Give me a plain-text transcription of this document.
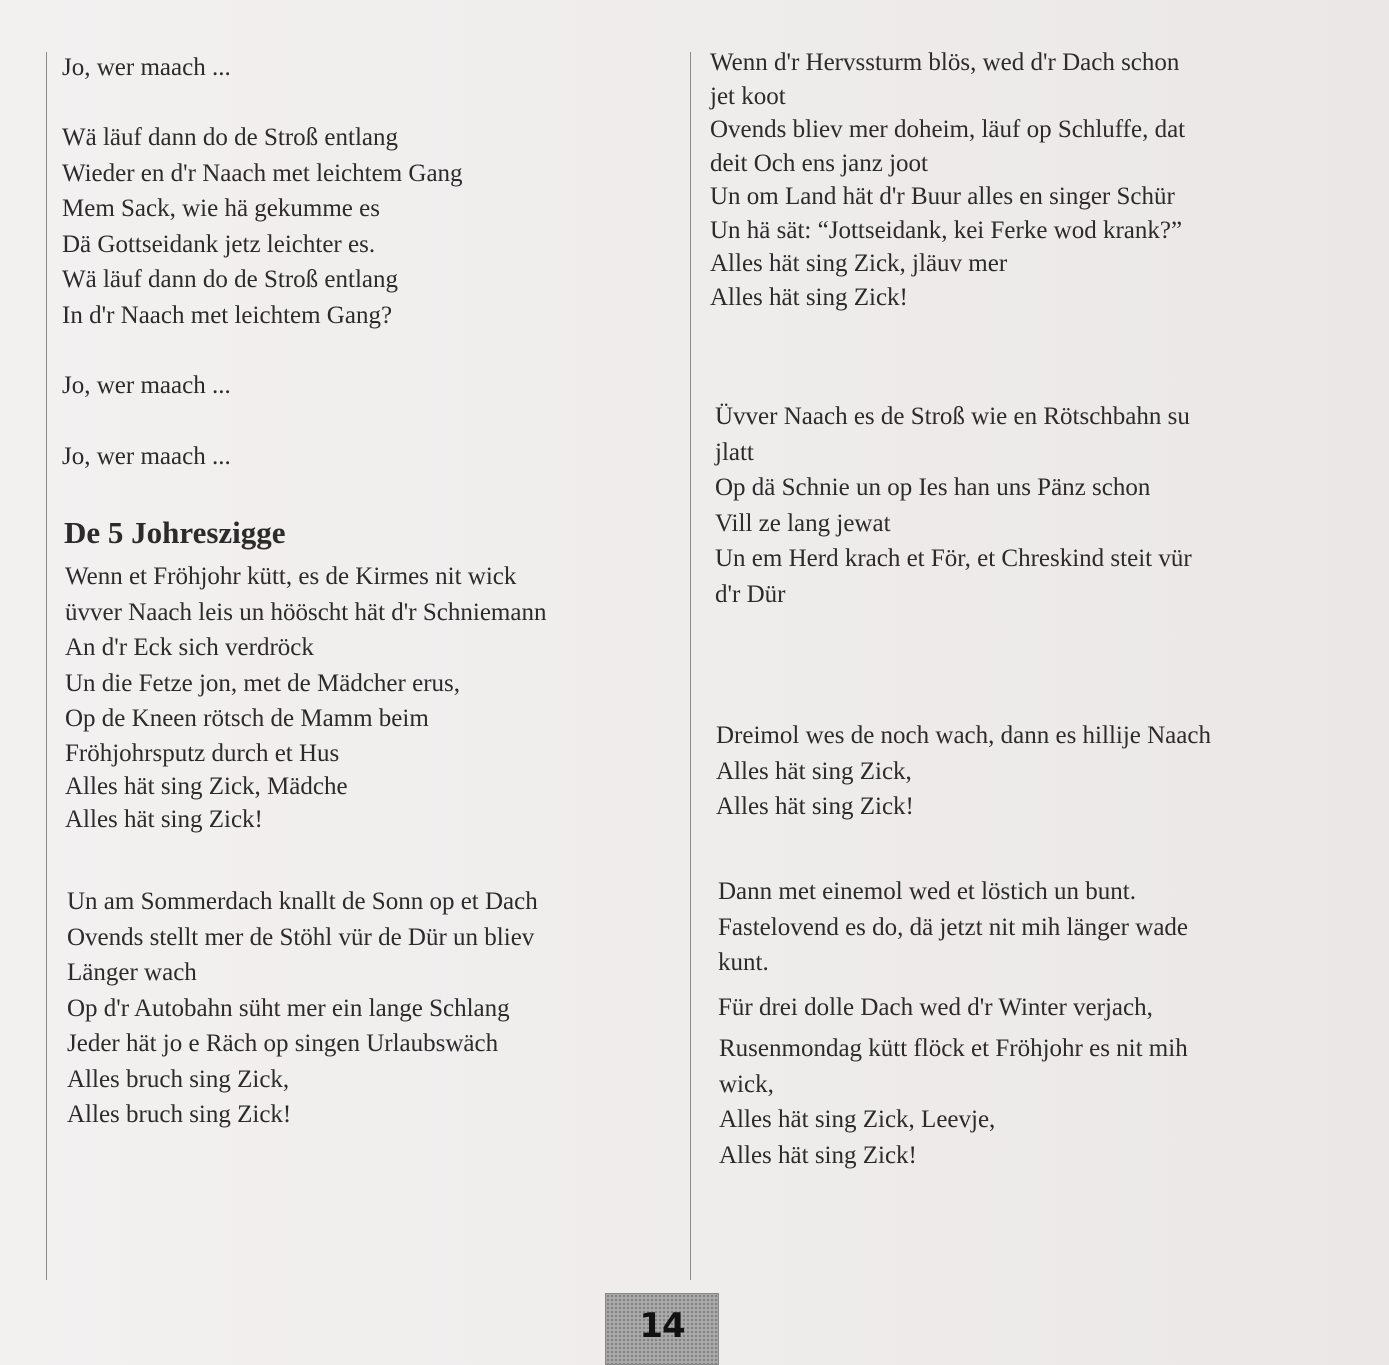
Jo, wer maach ...
Wä läuf dann do de Stroß entlang
Wieder en d'r Naach met leichtem Gang
Mem Sack, wie hä gekumme es
Dä Gottseidank jetz leichter es.
Wä läuf dann do de Stroß entlang
In d'r Naach met leichtem Gang?
Jo, wer maach ...
Jo, wer maach ...
De 5 Johreszigge
Wenn et Fröhjohr kütt, es de Kirmes nit wick
üvver Naach leis un hööscht hät d'r Schniemann
An d'r Eck sich verdröck
Un die Fetze jon, met de Mädcher erus,
Op de Kneen rötsch de Mamm beim
Fröhjohrsputz durch et Hus
Alles hät sing Zick, Mädche
Alles hät sing Zick!
Un am Sommerdach knallt de Sonn op et Dach
Ovends stellt mer de Stöhl vür de Dür un bliev
Länger wach
Op d'r Autobahn süht mer ein lange Schlang
Jeder hät jo e Räch op singen Urlaubswäch
Alles bruch sing Zick,
Alles bruch sing Zick!
Wenn d'r Hervssturm blös, wed d'r Dach schon
jet koot
Ovends bliev mer doheim, läuf op Schluffe, dat
deit Och ens janz joot
Un om Land hät d'r Buur alles en singer Schür
Un hä sät: “Jottseidank, kei Ferke wod krank?”
Alles hät sing Zick, jläuv mer
Alles hät sing Zick!
Üvver Naach es de Stroß wie en Rötschbahn su
jlatt
Op dä Schnie un op Ies han uns Pänz schon
Vill ze lang jewat
Un em Herd krach et För, et Chreskind steit vür
d'r Dür
Dreimol wes de noch wach, dann es hillije Naach
Alles hät sing Zick,
Alles hät sing Zick!
Dann met einemol wed et löstich un bunt.
Fastelovend es do, dä jetzt nit mih länger wade
kunt.
Für drei dolle Dach wed d'r Winter verjach,
Rusenmondag kütt flöck et Fröhjohr es nit mih
wick,
Alles hät sing Zick, Leevje,
Alles hät sing Zick!
14
